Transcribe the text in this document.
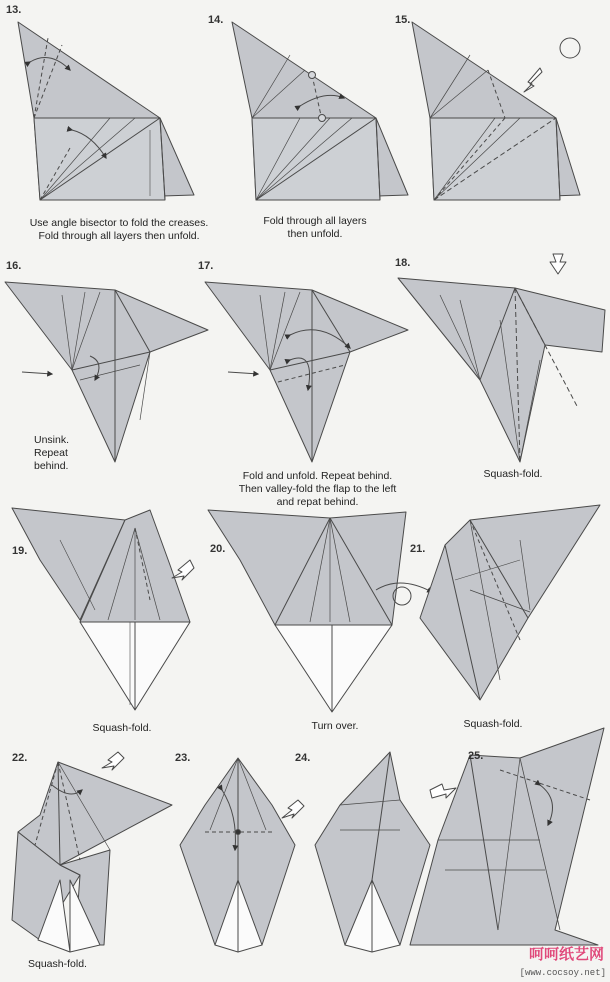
13.
Use angle bisector to fold the creases.
Fold through all layers then unfold.
14.
Fold through all layers
then unfold.
15.
16.
Unsink.
Repeat
behind.
17.
Fold and unfold. Repeat behind.
Then valley-fold the flap to the left
and repat behind.
18.
Squash-fold.
19.
Squash-fold.
20.
Turn over.
21.
Squash-fold.
22.
Squash-fold.
23.	24.	25.
呵呵纸艺网
[www.cocsoy.net]
